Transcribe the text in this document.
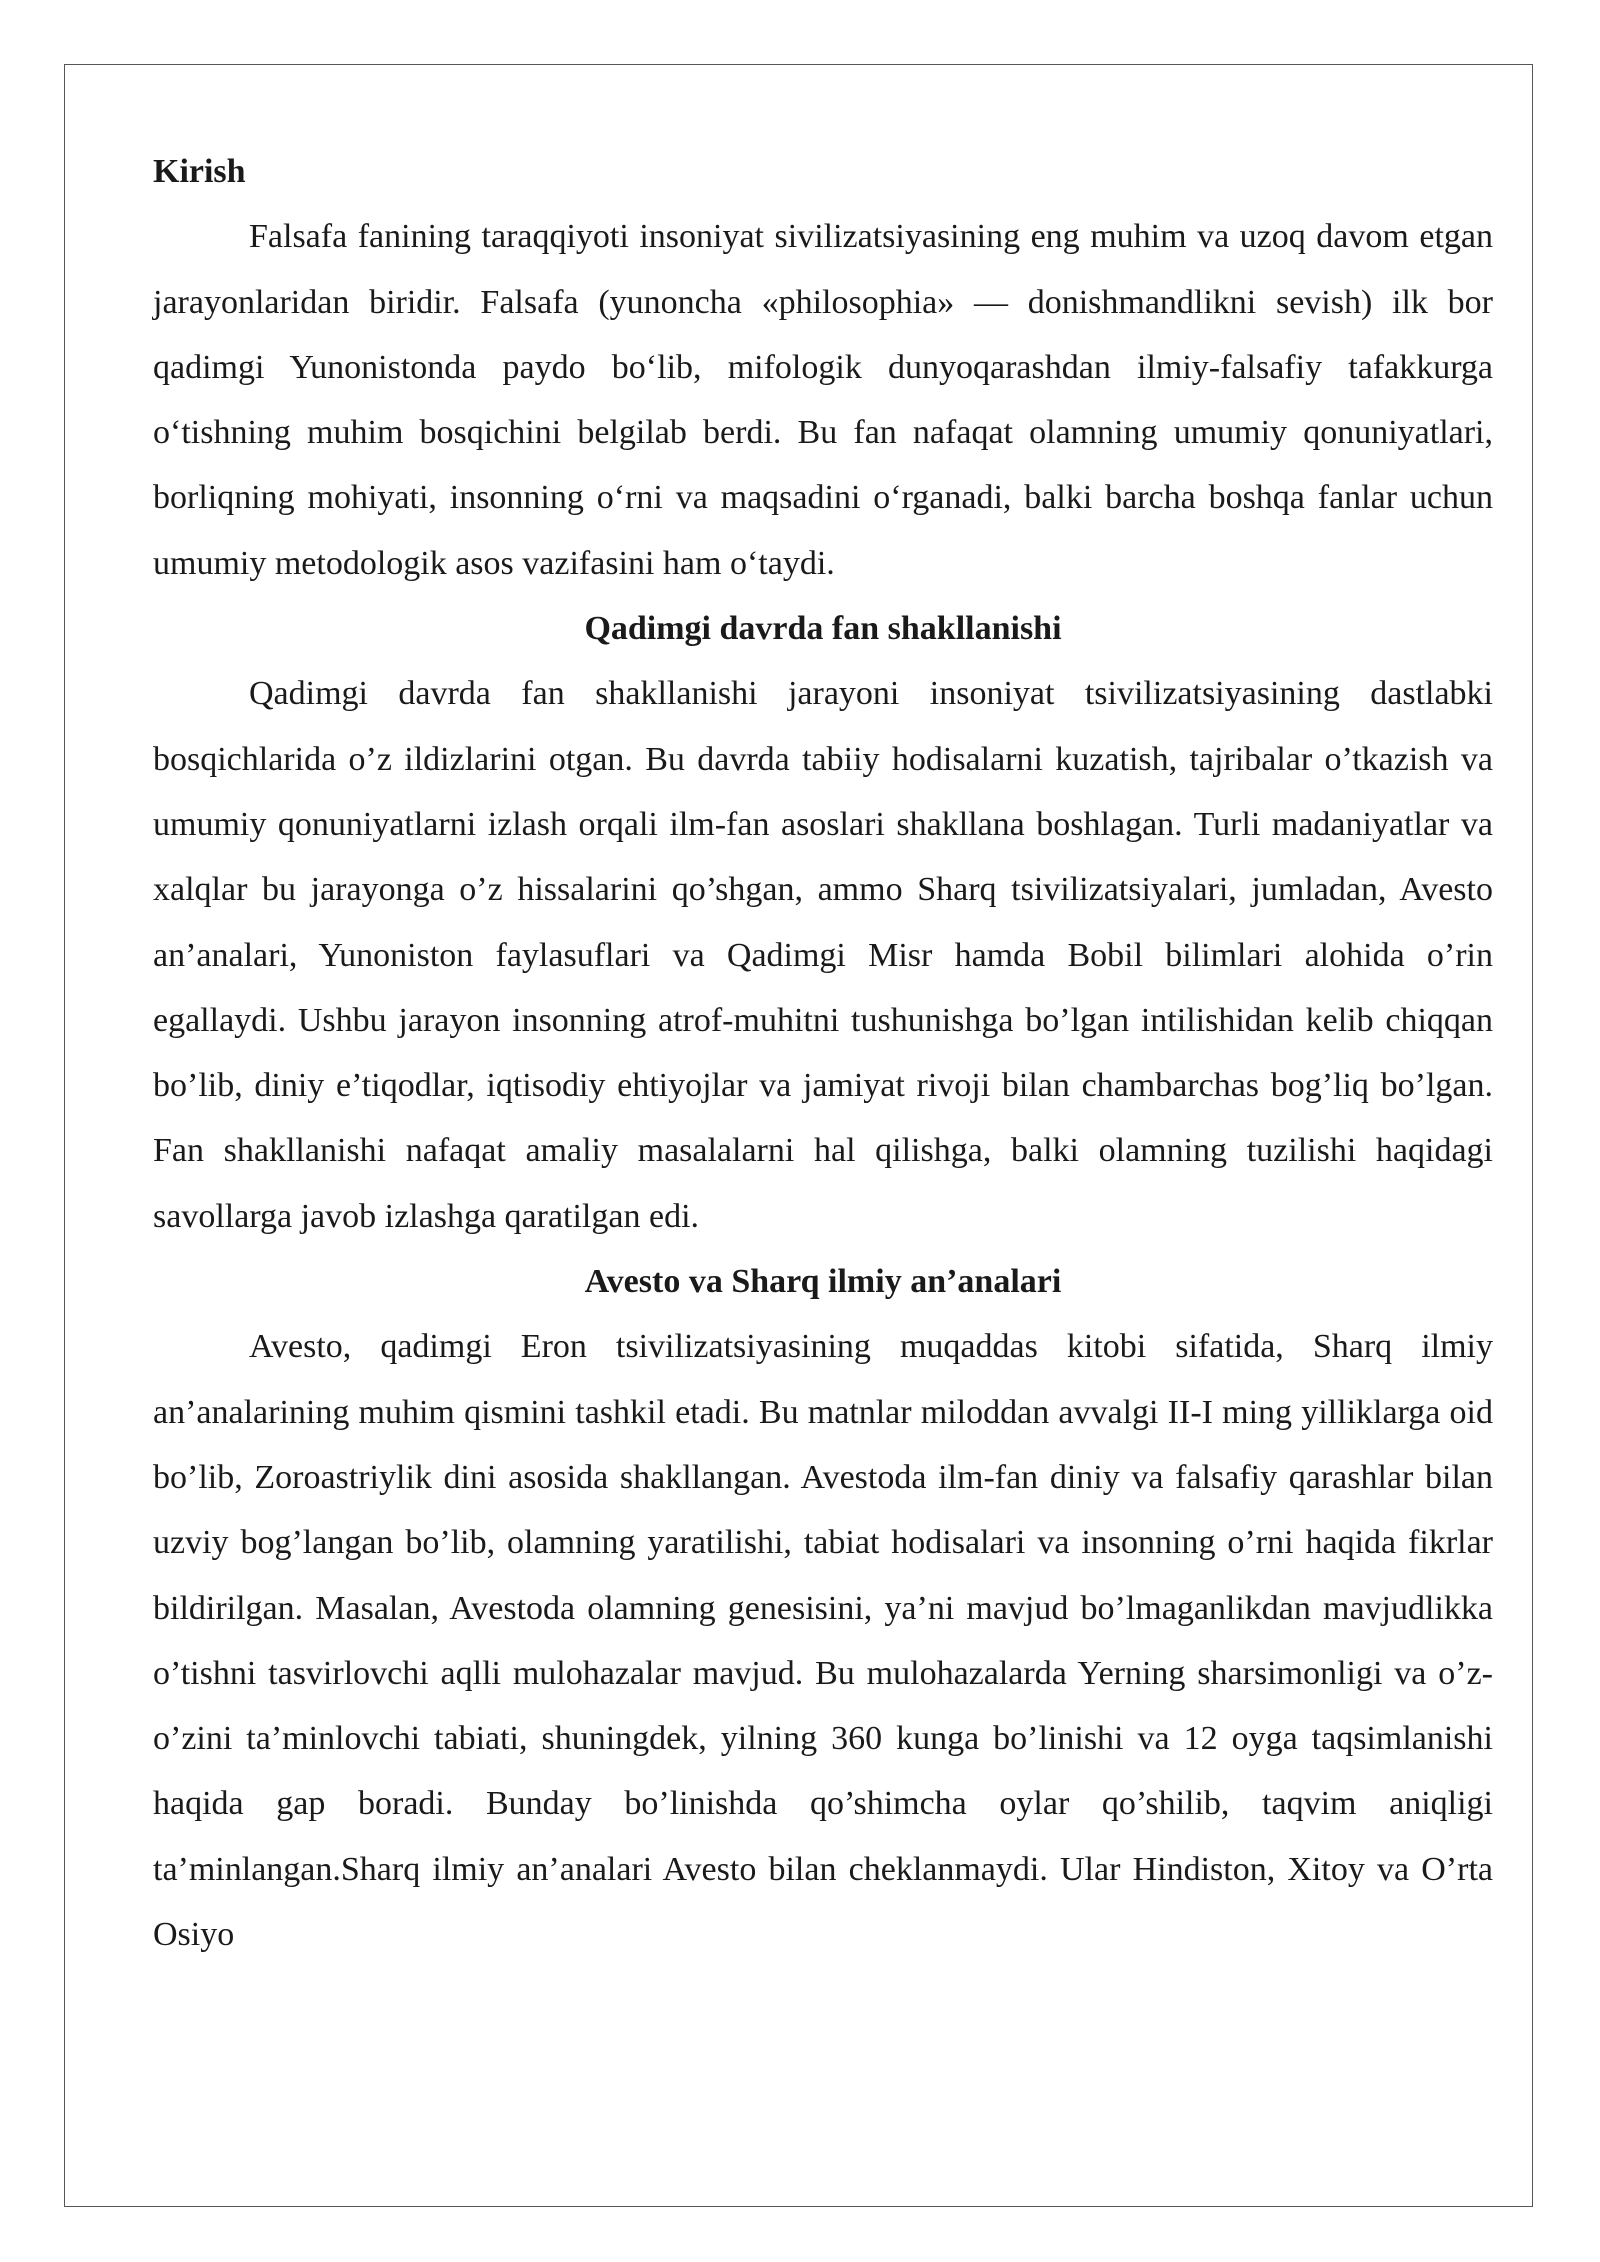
Kirish

Falsafa fanining taraqqiyoti insoniyat sivilizatsiyasining eng muhim va uzoq davom etgan jarayonlaridan biridir. Falsafa (yunoncha «philosophia» — donishmandlikni sevish) ilk bor qadimgi Yunonistonda paydo boʻlib, mifologik dunyoqarashdan ilmiy-falsafiy tafakkurga oʻtishning muhim bosqichini belgilab berdi. Bu fan nafaqat olamning umumiy qonuniyatlari, borliqning mohiyati, insonning oʻrni va maqsadini oʻrganadi, balki barcha boshqa fanlar uchun umumiy metodologik asos vazifasini ham oʻtaydi.

Qadimgi davrda fan shakllanishi

Qadimgi davrda fan shakllanishi jarayoni insoniyat tsivilizatsiyasining dastlabki bosqichlarida o’z ildizlarini otgan. Bu davrda tabiiy hodisalarni kuzatish, tajribalar o’tkazish va umumiy qonuniyatlarni izlash orqali ilm-fan asoslari shakllana boshlagan. Turli madaniyatlar va xalqlar bu jarayonga o’z hissalarini qo’shgan, ammo Sharq tsivilizatsiyalari, jumladan, Avesto an’analari, Yunoniston faylasuflari va Qadimgi Misr hamda Bobil bilimlari alohida o’rin egallaydi. Ushbu jarayon insonning atrof-muhitni tushunishga bo’lgan intilishidan kelib chiqqan bo’lib, diniy e’tiqodlar, iqtisodiy ehtiyojlar va jamiyat rivoji bilan chambarchas bog’liq bo’lgan. Fan shakllanishi nafaqat amaliy masalalarni hal qilishga, balki olamning tuzilishi haqidagi savollarga javob izlashga qaratilgan edi.

Avesto va Sharq ilmiy an’analari

Avesto, qadimgi Eron tsivilizatsiyasining muqaddas kitobi sifatida, Sharq ilmiy an’analarining muhim qismini tashkil etadi. Bu matnlar miloddan avvalgi II-I ming yilliklarga oid bo’lib, Zoroastriylik dini asosida shakllangan. Avestoda ilm-fan diniy va falsafiy qarashlar bilan uzviy bog’langan bo’lib, olamning yaratilishi, tabiat hodisalari va insonning o’rni haqida fikrlar bildirilgan. Masalan, Avestoda olamning genesisini, ya’ni mavjud bo’lmaganlikdan mavjudlikka o’tishni tasvirlovchi aqlli mulohazalar mavjud. Bu mulohazalarda Yerning sharsimonligi va o’z-o’zini ta’minlovchi tabiati, shuningdek, yilning 360 kunga bo’linishi va 12 oyga taqsimlanishi haqida gap boradi. Bunday bo’linishda qo’shimcha oylar qo’shilib, taqvim aniqligi ta’minlangan.Sharq ilmiy an’analari Avesto bilan cheklanmaydi. Ular Hindiston, Xitoy va O’rta Osiyo
